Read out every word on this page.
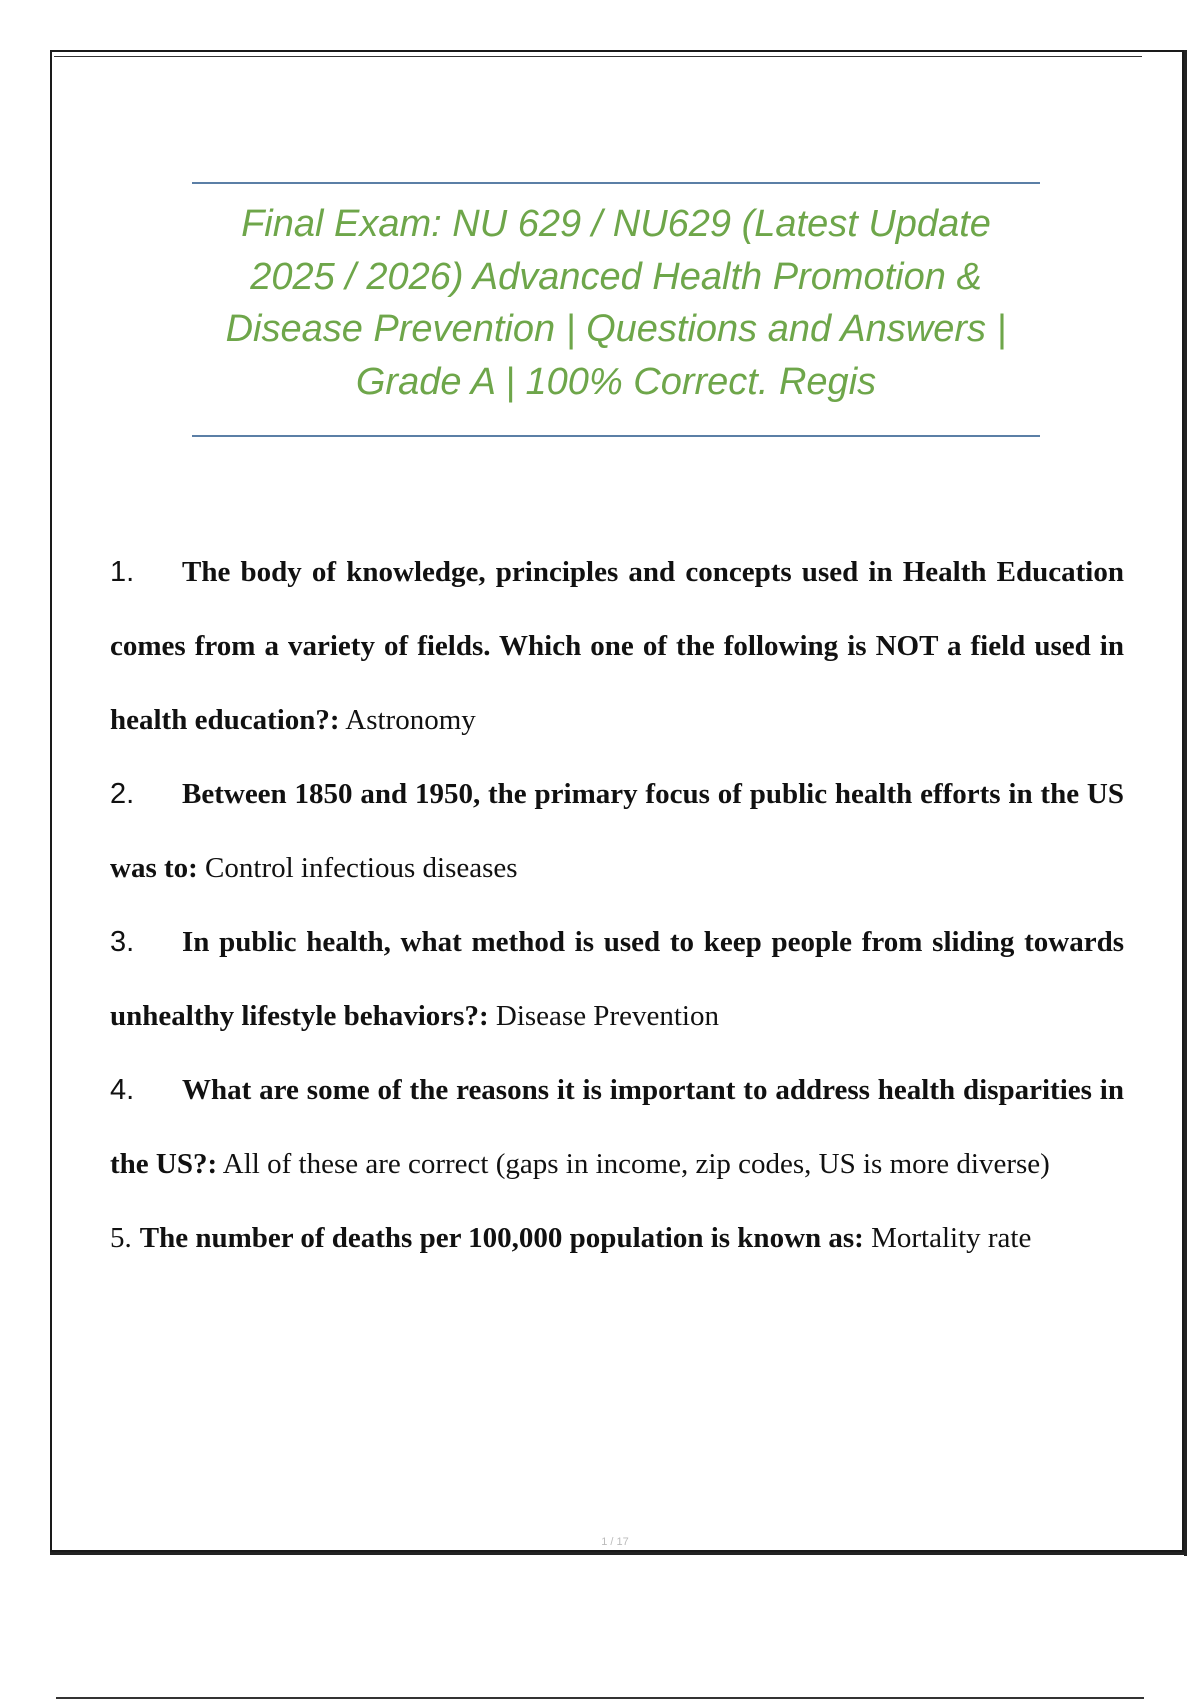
Final Exam: NU 629 / NU629 (Latest Update
2025 / 2026) Advanced Health Promotion &
Disease Prevention | Questions and Answers |
Grade A | 100% Correct. Regis

1. The body of knowledge, principles and concepts used in Health Education comes from a variety of fields. Which one of the following is NOT a field used in health education?: Astronomy

2. Between 1850 and 1950, the primary focus of public health efforts in the US was to: Control infectious diseases

3. In public health, what method is used to keep people from sliding towards unhealthy lifestyle behaviors?: Disease Prevention

4. What are some of the reasons it is important to address health disparities in the US?: All of these are correct (gaps in income, zip codes, US is more diverse)

5. The number of deaths per 100,000 population is known as: Mortality rate

1 / 17
